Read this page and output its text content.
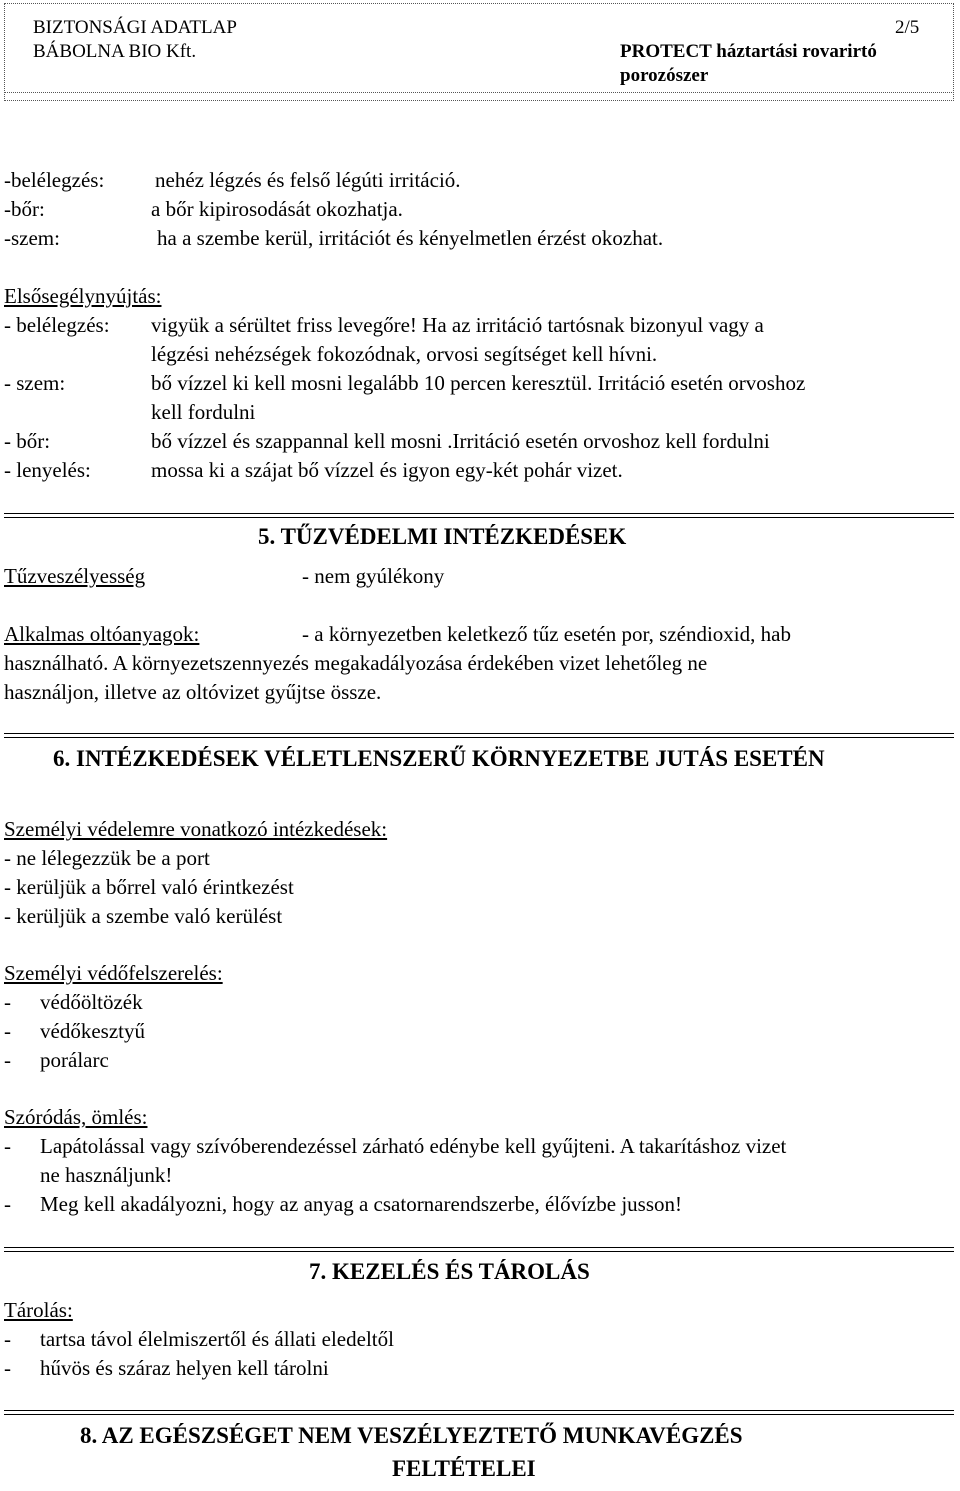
BIZTONSÁGI ADATLAP
BÁBOLNA BIO Kft.
2/5
PROTECT háztartási rovarirtó
porozószer
-belélegzés: nehéz légzés és felső légúti irritáció.
-bőr:	a bőr kipirosodását okozhatja.
-szem:	ha a szembe kerül, irritációt és kényelmetlen érzést okozhat.
Elsősegélynyújtás:
- belélegzés: vigyük a sérültet friss levegőre! Ha az irritáció tartósnak bizonyul vagy a
légzési nehézségek fokozódnak, orvosi segítséget kell hívni.
- szem:	bő vízzel ki kell mosni legalább 10 percen keresztül. Irritáció esetén orvoshoz
kell fordulni
- bőr:	bő vízzel és szappannal kell mosni .Irritáció esetén orvoshoz kell fordulni
- lenyelés:	mossa ki a szájat bő vízzel és igyon egy-két pohár vizet.
5. TŰZVÉDELMI INTÉZKEDÉSEK
Tűzveszélyesség	- nem gyúlékony
Alkalmas oltóanyagok:	- a környezetben keletkező tűz esetén por, széndioxid, hab
használható. A környezetszennyezés megakadályozása érdekében vizet lehetőleg ne
használjon, illetve az oltóvizet gyűjtse össze.
6. INTÉZKEDÉSEK VÉLETLENSZERŰ KÖRNYEZETBE JUTÁS ESETÉN
Személyi védelemre vonatkozó intézkedések:
- ne lélegezzük be a port
- kerüljük a bőrrel való érintkezést
- kerüljük a szembe való kerülést
Személyi védőfelszerelés:
- védőöltözék
- védőkesztyű
- porálarc
Szóródás, ömlés:
- Lapátolással vagy szívóberendezéssel zárható edénybe kell gyűjteni. A takarításhoz vizet
ne használjunk!
- Meg kell akadályozni, hogy az anyag a csatornarendszerbe, élővízbe jusson!
7. KEZELÉS ÉS TÁROLÁS
Tárolás:
- tartsa távol élelmiszertől és állati eledeltől
- hűvös és száraz helyen kell tárolni
8. AZ EGÉSZSÉGET NEM VESZÉLYEZTETŐ MUNKAVÉGZÉS
FELTÉTELEI
